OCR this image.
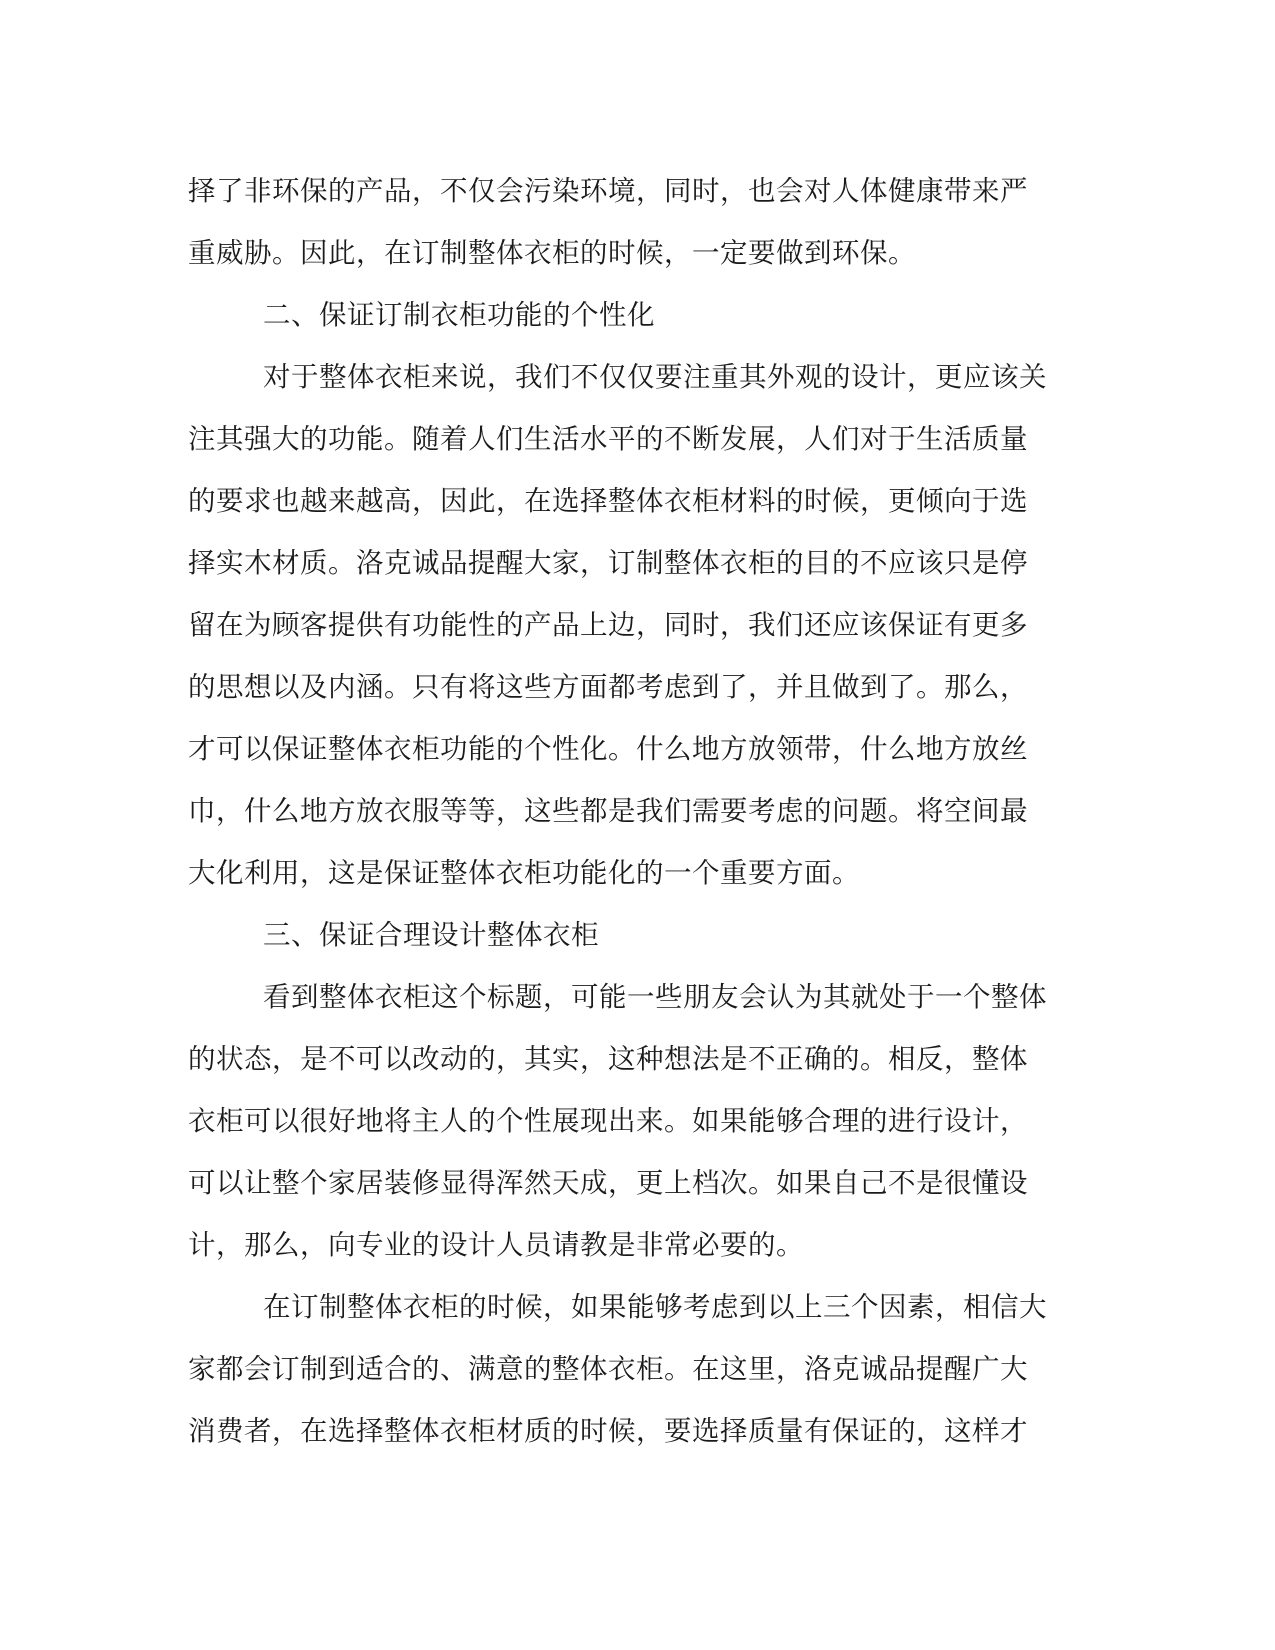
择了非环保的产品，不仅会污染环境，同时，也会对人体健康带来严
重威胁。因此，在订制整体衣柜的时候，一定要做到环保。
二、保证订制衣柜功能的个性化
对于整体衣柜来说，我们不仅仅要注重其外观的设计，更应该关
注其强大的功能。随着人们生活水平的不断发展，人们对于生活质量
的要求也越来越高，因此，在选择整体衣柜材料的时候，更倾向于选
择实木材质。洛克诚品提醒大家，订制整体衣柜的目的不应该只是停
留在为顾客提供有功能性的产品上边，同时，我们还应该保证有更多
的思想以及内涵。只有将这些方面都考虑到了，并且做到了。那么，
才可以保证整体衣柜功能的个性化。什么地方放领带，什么地方放丝
巾，什么地方放衣服等等，这些都是我们需要考虑的问题。将空间最
大化利用，这是保证整体衣柜功能化的一个重要方面。
三、保证合理设计整体衣柜
看到整体衣柜这个标题，可能一些朋友会认为其就处于一个整体
的状态，是不可以改动的，其实，这种想法是不正确的。相反，整体
衣柜可以很好地将主人的个性展现出来。如果能够合理的进行设计，
可以让整个家居装修显得浑然天成，更上档次。如果自己不是很懂设
计，那么，向专业的设计人员请教是非常必要的。
在订制整体衣柜的时候，如果能够考虑到以上三个因素，相信大
家都会订制到适合的、满意的整体衣柜。在这里，洛克诚品提醒广大
消费者，在选择整体衣柜材质的时候，要选择质量有保证的，这样才
